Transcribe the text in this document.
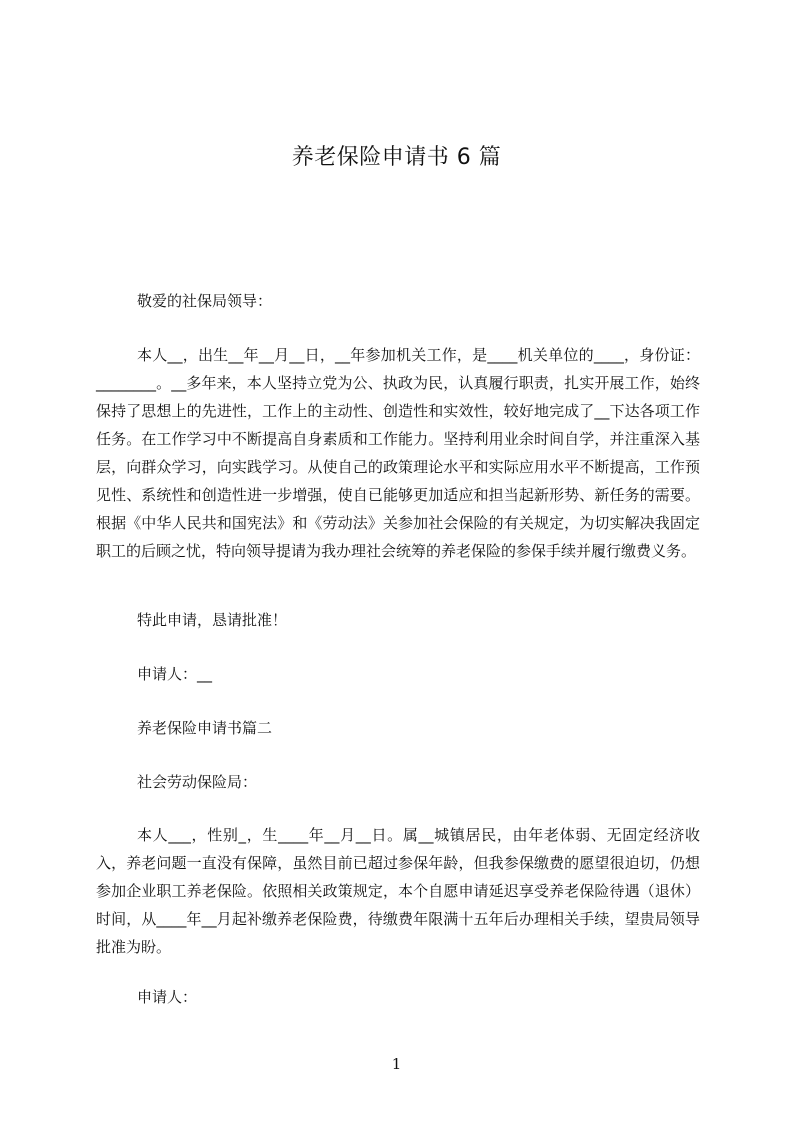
养老保险申请书 6 篇
敬爱的社保局领导：

本人__，出生__年__月__日，__年参加机关工作，是____机关单位的____，身份证：________。__多年来，本人坚持立党为公、执政为民，认真履行职责，扎实开展工作，始终保持了思想上的先进性，工作上的主动性、创造性和实效性，较好地完成了__下达各项工作任务。在工作学习中不断提高自身素质和工作能力。坚持利用业余时间自学，并注重深入基层，向群众学习，向实践学习。从使自己的政策理论水平和实际应用水平不断提高，工作预见性、系统性和创造性进一步增强，使自已能够更加适应和担当起新形势、新任务的需要。根据《中华人民共和国宪法》和《劳动法》关参加社会保险的有关规定，为切实解决我固定职工的后顾之忧，特向领导提请为我办理社会统筹的养老保险的参保手续并履行缴费义务。

特此申请，恳请批准！
申请人：__
养老保险申请书篇二
社会劳动保险局：

本人___，性别_，生____年__月__日。属__城镇居民，由年老体弱、无固定经济收入，养老问题一直没有保障，虽然目前已超过参保年龄，但我参保缴费的愿望很迫切，仍想参加企业职工养老保险。依照相关政策规定，本个自愿申请延迟享受养老保险待遇（退休）时间，从____年__月起补缴养老保险费，待缴费年限满十五年后办理相关手续，望贵局领导批准为盼。

申请人：
1
